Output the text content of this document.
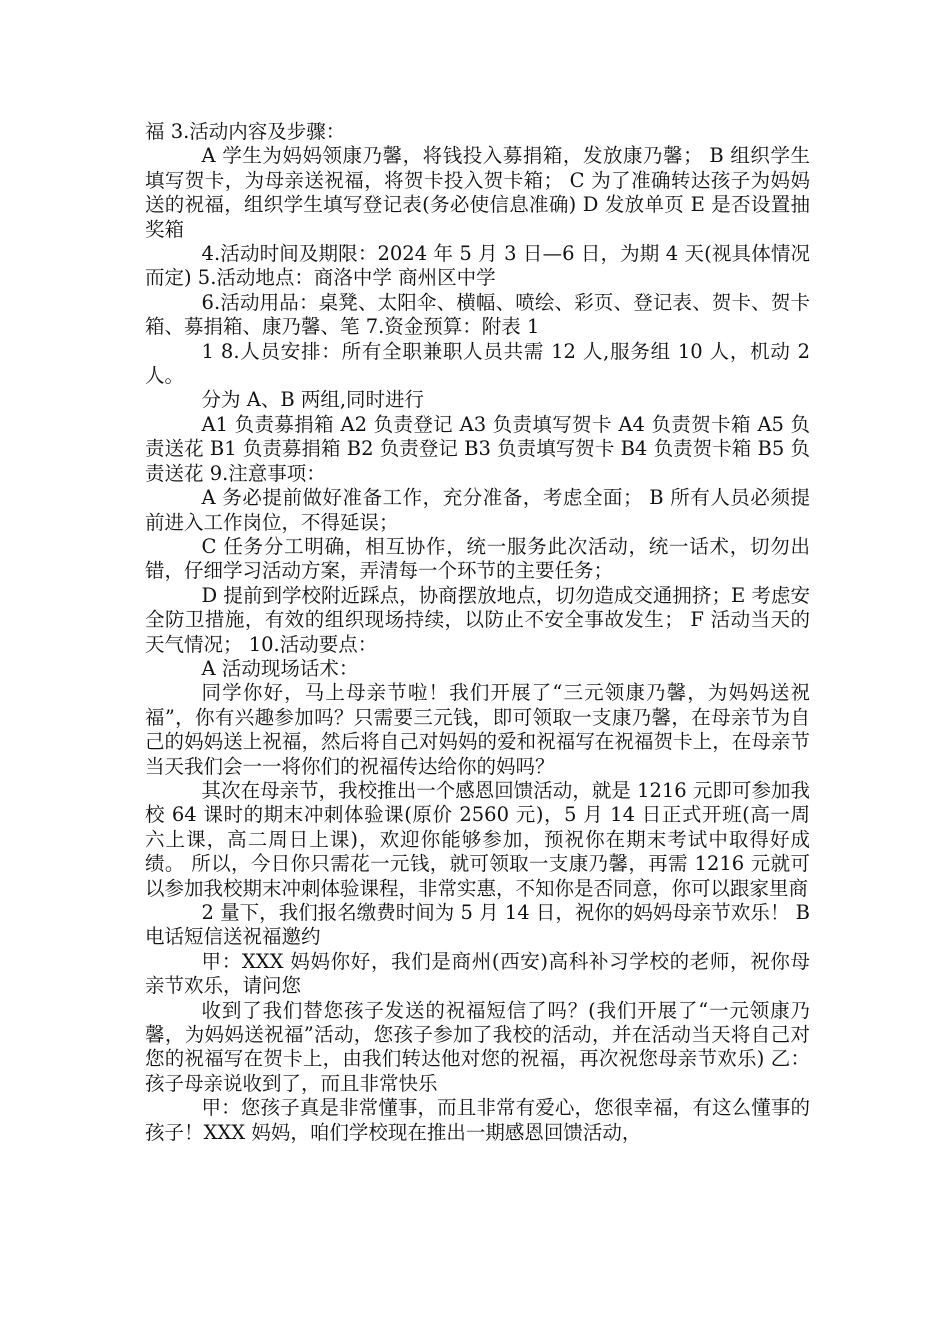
福 3.活动内容及步骤：

A 学生为妈妈领康乃馨，将钱投入募捐箱，发放康乃馨； B 组织学生填写贺卡，为母亲送祝福，将贺卡投入贺卡箱； C 为了准确转达孩子为妈妈送的祝福，组织学生填写登记表(务必使信息准确) D 发放单页 E 是否设置抽奖箱

4.活动时间及期限：2024 年 5 月 3 日—6 日，为期 4 天(视具体情况而定) 5.活动地点：商洛中学 商州区中学

6.活动用品：桌凳、太阳伞、横幅、喷绘、彩页、登记表、贺卡、贺卡箱、募捐箱、康乃馨、笔 7.资金预算：附表 1

1 8.人员安排：所有全职兼职人员共需 12 人,服务组 10 人，机动 2 人。

分为 A、B 两组,同时进行

A1 负责募捐箱 A2 负责登记 A3 负责填写贺卡 A4 负责贺卡箱 A5 负责送花 B1 负责募捐箱 B2 负责登记 B3 负责填写贺卡 B4 负责贺卡箱 B5 负责送花 9.注意事项：

A 务必提前做好准备工作，充分准备，考虑全面； B 所有人员必须提前进入工作岗位，不得延误；

C 任务分工明确，相互协作，统一服务此次活动，统一话术，切勿出错，仔细学习活动方案，弄清每一个环节的主要任务；

D 提前到学校附近踩点，协商摆放地点，切勿造成交通拥挤；E 考虑安全防卫措施，有效的组织现场持续，以防止不安全事故发生； F 活动当天的天气情况； 10.活动要点：

A 活动现场话术：

同学你好，马上母亲节啦！我们开展了“三元领康乃馨，为妈妈送祝福”，你有兴趣参加吗？只需要三元钱，即可领取一支康乃馨，在母亲节为自己的妈妈送上祝福，然后将自己对妈妈的爱和祝福写在祝福贺卡上，在母亲节当天我们会一一将你们的祝福传达给你的妈吗？

其次在母亲节，我校推出一个感恩回馈活动，就是 1216 元即可参加我校 64 课时的期末冲刺体验课(原价 2560 元)，5 月 14 日正式开班(高一周六上课，高二周日上课)，欢迎你能够参加，预祝你在期末考试中取得好成绩。 所以，今日你只需花一元钱，就可领取一支康乃馨，再需 1216 元就可以参加我校期末冲刺体验课程，非常实惠，不知你是否同意，你可以跟家里商

2 量下，我们报名缴费时间为 5 月 14 日，祝你的妈妈母亲节欢乐！ B 电话短信送祝福邀约

甲：XXX 妈妈你好，我们是商州(西安)高科补习学校的老师，祝你母亲节欢乐，请问您

收到了我们替您孩子发送的祝福短信了吗？(我们开展了“一元领康乃馨，为妈妈送祝福”活动，您孩子参加了我校的活动，并在活动当天将自己对您的祝福写在贺卡上，由我们转达他对您的祝福，再次祝您母亲节欢乐) 乙：孩子母亲说收到了，而且非常快乐

甲：您孩子真是非常懂事，而且非常有爱心，您很幸福，有这么懂事的孩子！XXX 妈妈，咱们学校现在推出一期感恩回馈活动，
